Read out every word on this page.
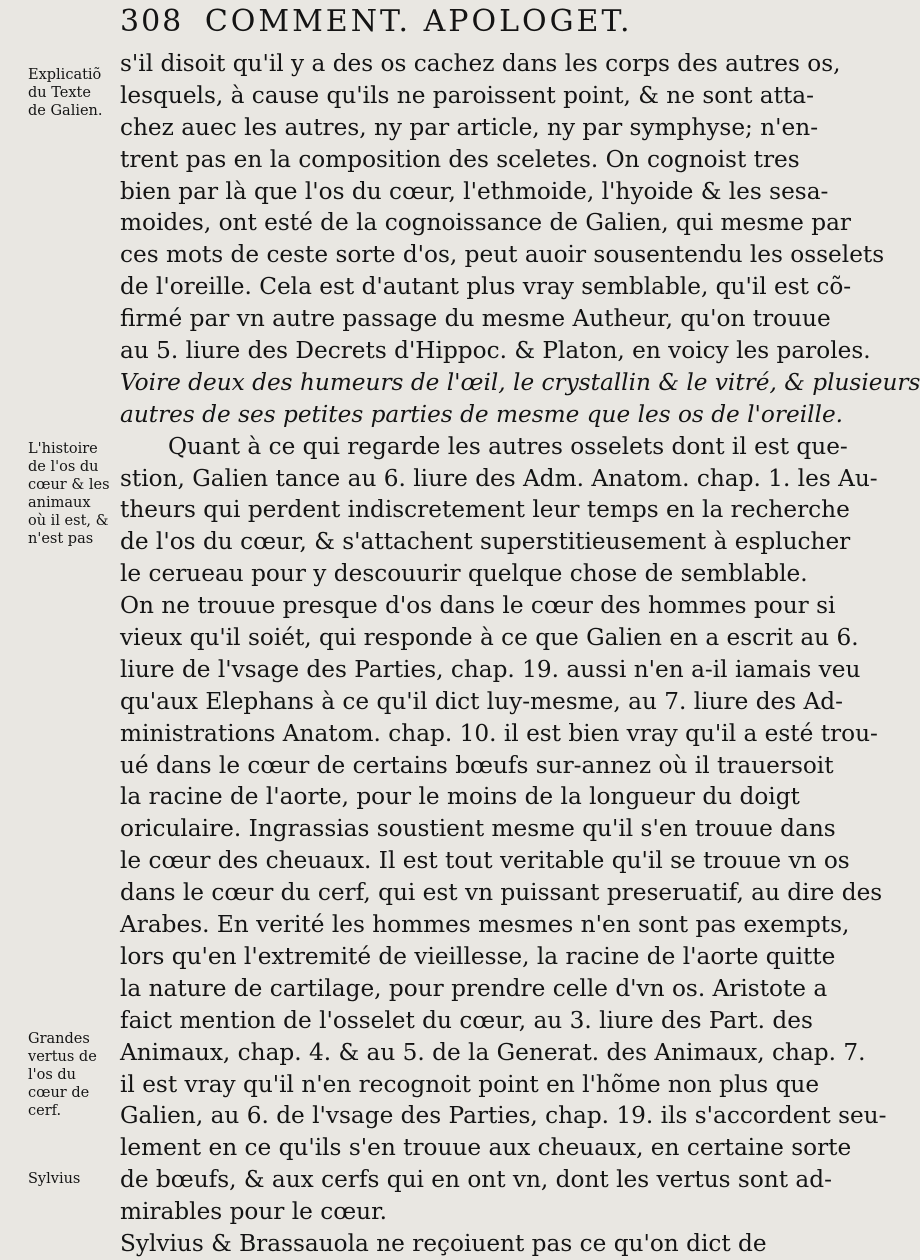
308 COMMENT. APOLOGET.
Explicatiõ
du Texte
de Galien.
L'histoire
de l'os du
cœur & les
animaux
où il est, &
n'est pas
Grandes
vertus de
l'os du
cœur de
cerf.
Sylvius
s'il disoit qu'il y a des os cachez dans les corps des autres os,
lesquels, à cause qu'ils ne paroissent point, & ne sont atta-
chez auec les autres, ny par article, ny par symphyse; n'en-
trent pas en la composition des sceletes. On cognoist tres
bien par là que l'os du cœur, l'ethmoide, l'hyoide & les sesa-
moides, ont esté de la cognoissance de Galien, qui mesme par
ces mots de ceste sorte d'os, peut auoir sousentendu les osselets
de l'oreille. Cela est d'autant plus vray semblable, qu'il est cõ-
firmé par vn autre passage du mesme Autheur, qu'on trouue
au 5. liure des Decrets d'Hippoc. & Platon, en voicy les paroles.
Voire deux des humeurs de l'œil, le crystallin & le vitré, & plusieurs
autres de ses petites parties de mesme que les os de l'oreille.
Quant à ce qui regarde les autres osselets dont il est que-
stion, Galien tance au 6. liure des Adm. Anatom. chap. 1. les Au-
theurs qui perdent indiscretement leur temps en la recherche
de l'os du cœur, & s'attachent superstitieusement à esplucher
le cerueau pour y descouurir quelque chose de semblable.
On ne trouue presque d'os dans le cœur des hommes pour si
vieux qu'il soiét, qui responde à ce que Galien en a escrit au 6.
liure de l'vsage des Parties, chap. 19. aussi n'en a-il iamais veu
qu'aux Elephans à ce qu'il dict luy-mesme, au 7. liure des Ad-
ministrations Anatom. chap. 10. il est bien vray qu'il a esté trou-
ué dans le cœur de certains bœufs sur-annez où il trauersoit
la racine de l'aorte, pour le moins de la longueur du doigt
oriculaire. Ingrassias soustient mesme qu'il s'en trouue dans
le cœur des cheuaux. Il est tout veritable qu'il se trouue vn os
dans le cœur du cerf, qui est vn puissant preseruatif, au dire des
Arabes. En verité les hommes mesmes n'en sont pas exempts,
lors qu'en l'extremité de vieillesse, la racine de l'aorte quitte
la nature de cartilage, pour prendre celle d'vn os. Aristote a
faict mention de l'osselet du cœur, au 3. liure des Part. des
Animaux, chap. 4. & au 5. de la Generat. des Animaux, chap. 7.
il est vray qu'il n'en recognoit point en l'hõme non plus que
Galien, au 6. de l'vsage des Parties, chap. 19. ils s'accordent seu-
lement en ce qu'ils s'en trouue aux cheuaux, en certaine sorte
de bœufs, & aux cerfs qui en ont vn, dont les vertus sont ad-
mirables pour le cœur.
Sylvius & Brassauola ne reçoiuent pas ce qu'on dict de
